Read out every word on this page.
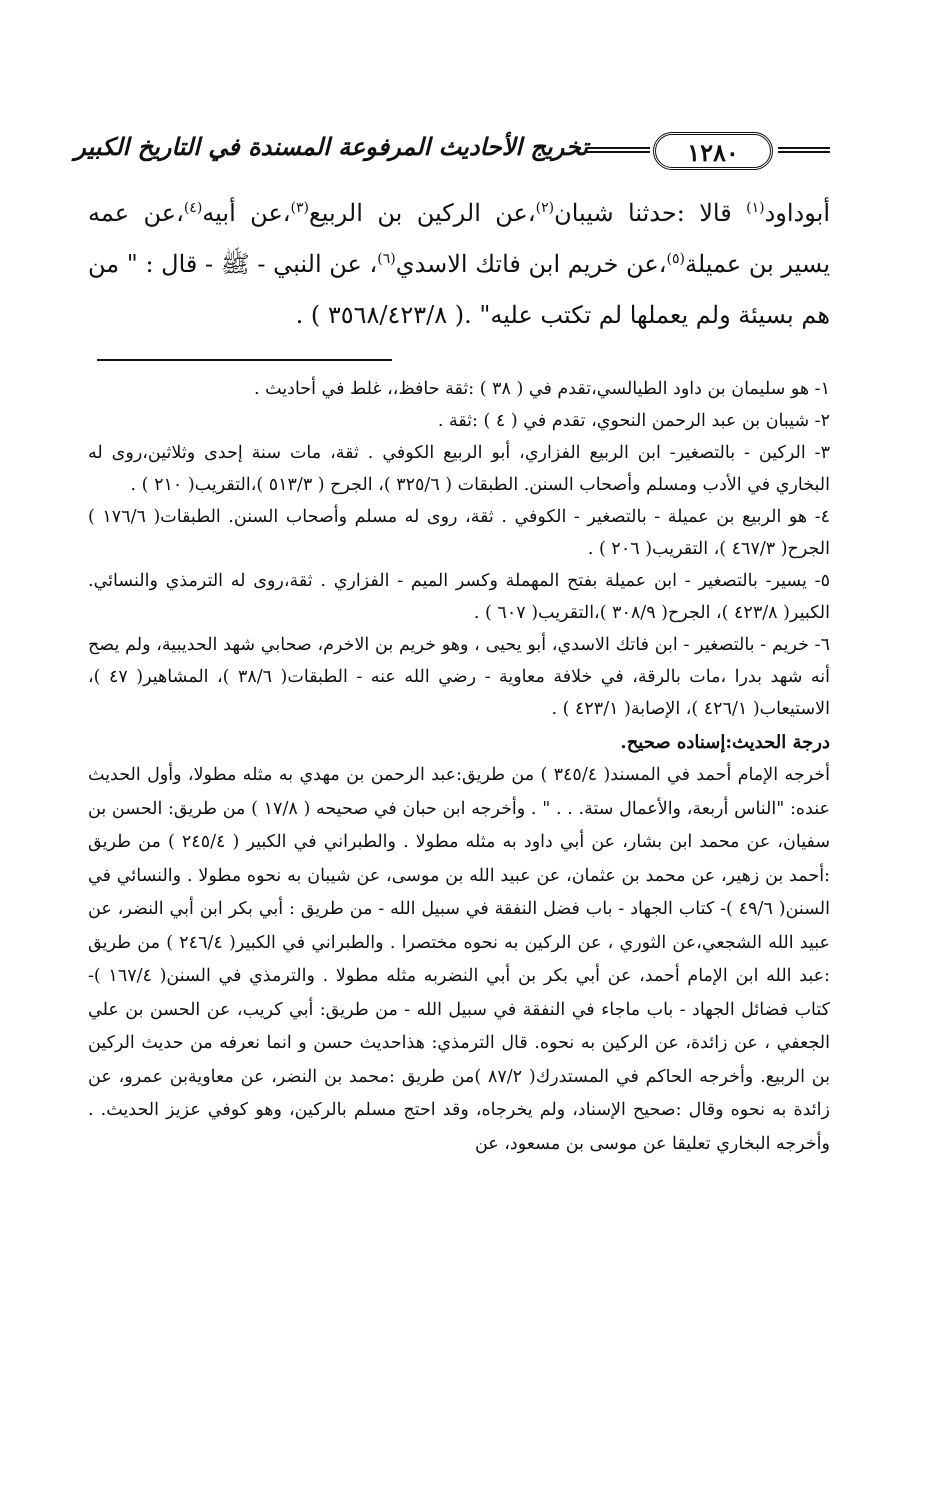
تخريج الأحاديث المرفوعة المسندة في التاريخ الكبير	١٢٨٠

أبوداود$^{(١)}$ قالا :حدثنا شيبان$^{(٢)}$،عن الركين بن الربيع$^{(٣)}$،عن أبيه$^{(٤)}$،عن عمه يسير بن عميلة$^{(٥)}$،عن خريم ابن فاتك الاسدي$^{(٦)}$، عن النبي - ﷺ - قال : " من هم بسيئة ولم يعملها لم تكتب عليه" .( ٣٥٦٨/٤٢٣/٨ ) .

١- هو سليمان بن داود الطيالسي،تقدم في ( ٣٨ ) :ثقة حافظ،، غلط في أحاديث .
٢- شيبان بن عبد الرحمن النحوي، تقدم في ( ٤ ) :ثقة .
٣- الركين - بالتصغير- ابن الربيع الفزاري، أبو الربيع الكوفي . ثقة، مات سنة إحدى وثلاثين،روى له البخاري في الأدب ومسلم وأصحاب السنن. الطبقات ( ٣٢٥/٦ )، الجرح ( ٥١٣/٣ )،التقريب( ٢١٠ ) .
٤- هو الربيع بن عميلة - بالتصغير - الكوفي . ثقة، روى له مسلم وأصحاب السنن. الطبقات( ١٧٦/٦ ) الجرح( ٤٦٧/٣ )، التقريب( ٢٠٦ ) .
٥- يسير- بالتصغير - ابن عميلة بفتح المهملة وكسر الميم - الفزاري . ثقة،روى له الترمذي والنسائي. الكبير( ٤٢٣/٨ )، الجرح( ٣٠٨/٩ )،التقريب( ٦٠٧ ) .
٦- خريم - بالتصغير - ابن فاتك الاسدي، أبو يحيى ، وهو خريم بن الاخرم، صحابي شهد الحديبية، ولم يصح أنه شهد بدرا ،مات بالرقة، في خلافة معاوية - رضي الله عنه - الطبقات( ٣٨/٦ )، المشاهير( ٤٧ )، الاستيعاب( ٤٢٦/١ )، الإصابة( ٤٢٣/١ ) .
درجة الحديث:إسناده صحيح.

أخرجه الإمام أحمد في المسند( ٣٤٥/٤ ) من طريق:عبد الرحمن بن مهدي به مثله مطولا، وأول الحديث عنده: "الناس أربعة، والأعمال ستة. . . " . وأخرجه ابن حبان في صحيحه ( ١٧/٨ ) من طريق: الحسن بن سفيان، عن محمد ابن بشار، عن أبي داود به مثله مطولا . والطبراني في الكبير ( ٢٤٥/٤ ) من طريق :أحمد بن زهير، عن محمد بن عثمان، عن عبيد الله بن موسى، عن شيبان به نحوه مطولا . والنسائي في السنن( ٤٩/٦ )- كتاب الجهاد - باب فضل النفقة في سبيل الله - من طريق : أبي بكر ابن أبي النضر، عن عبيد الله الشجعي،عن الثوري ، عن الركين به نحوه مختصرا . والطبراني في الكبير( ٢٤٦/٤ ) من طريق :عبد الله ابن الإمام أحمد، عن أبي بكر بن أبي النضربه مثله مطولا . والترمذي في السنن( ١٦٧/٤ )- كتاب فضائل الجهاد - باب ماجاء في النفقة في سبيل الله - من طريق: أبي كريب، عن الحسن بن علي الجعفي ، عن زائدة، عن الركين به نحوه. قال الترمذي: هذاحديث حسن و انما نعرفه من حديث الركين بن الربيع. وأخرجه الحاكم في المستدرك( ٨٧/٢ )من طريق :محمد بن النضر، عن معاويةبن عمرو، عن زائدة به نحوه وقال :صحيح الإسناد، ولم يخرجاه، وقد احتج مسلم بالركين، وهو كوفي عزيز الحديث. . وأخرجه البخاري تعليقا عن موسى بن مسعود، عن
